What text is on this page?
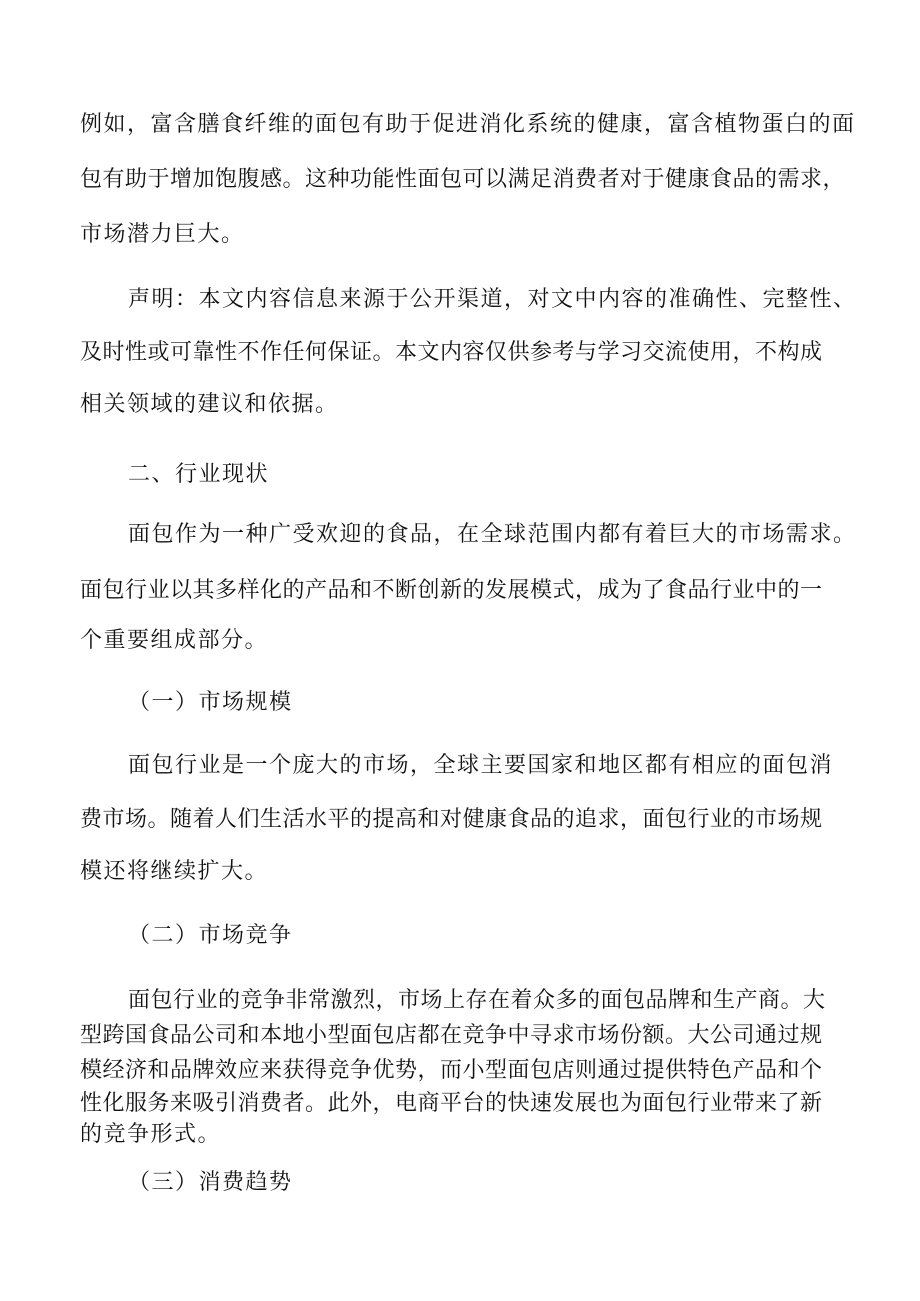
例如，富含膳食纤维的面包有助于促进消化系统的健康，富含植物蛋白的面
包有助于增加饱腹感。这种功能性面包可以满足消费者对于健康食品的需求，
市场潜力巨大。
声明：本文内容信息来源于公开渠道，对文中内容的准确性、完整性、
及时性或可靠性不作任何保证。本文内容仅供参考与学习交流使用，不构成
相关领域的建议和依据。
二、行业现状
面包作为一种广受欢迎的食品，在全球范围内都有着巨大的市场需求。
面包行业以其多样化的产品和不断创新的发展模式，成为了食品行业中的一
个重要组成部分。
（一）市场规模
面包行业是一个庞大的市场，全球主要国家和地区都有相应的面包消
费市场。随着人们生活水平的提高和对健康食品的追求，面包行业的市场规
模还将继续扩大。
（二）市场竞争
面包行业的竞争非常激烈，市场上存在着众多的面包品牌和生产商。大
型跨国食品公司和本地小型面包店都在竞争中寻求市场份额。大公司通过规
模经济和品牌效应来获得竞争优势，而小型面包店则通过提供特色产品和个
性化服务来吸引消费者。此外，电商平台的快速发展也为面包行业带来了新
的竞争形式。
（三）消费趋势
